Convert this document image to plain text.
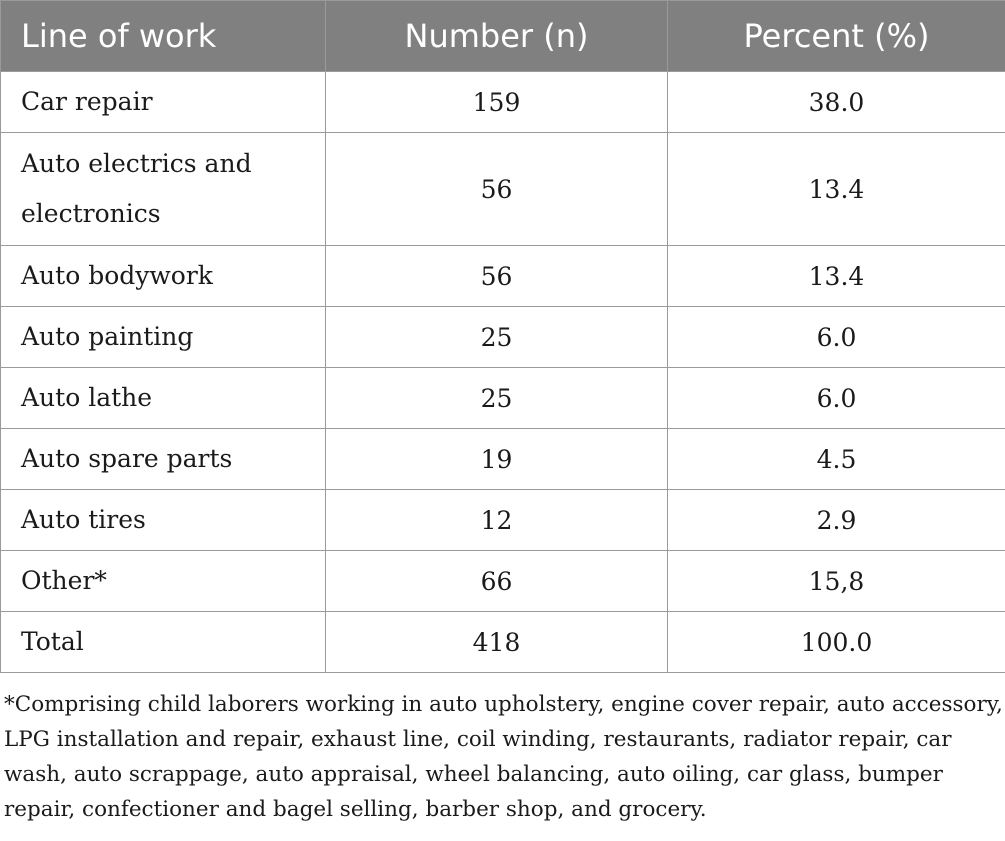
Line of work	Number (n)	Percent (%)
Car repair	159	38.0
Auto electrics and electronics	56	13.4
Auto bodywork	56	13.4
Auto painting	25	6.0
Auto lathe	25	6.0
Auto spare parts	19	4.5
Auto tires	12	2.9
Other*	66	15,8
Total	418	100.0
*Comprising child laborers working in auto upholstery, engine cover repair, auto accessory, LPG installation and repair, exhaust line, coil winding, restaurants, radiator repair, car wash, auto scrappage, auto appraisal, wheel balancing, auto oiling, car glass, bumper repair, confectioner and bagel selling, barber shop, and grocery.
